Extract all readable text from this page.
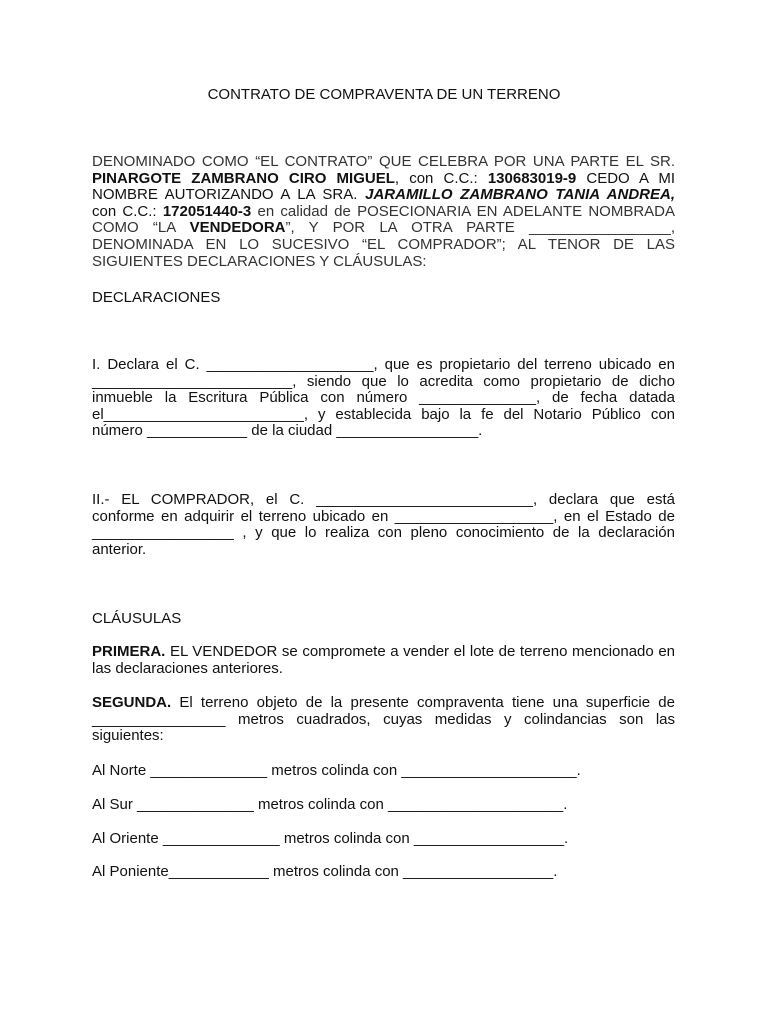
CONTRATO DE COMPRAVENTA DE UN TERRENO

DENOMINADO COMO “EL CONTRATO” QUE CELEBRA POR UNA PARTE EL SR. PINARGOTE ZAMBRANO CIRO MIGUEL, con C.C.: 130683019-9 CEDO A MI NOMBRE AUTORIZANDO A LA SRA. JARAMILLO ZAMBRANO TANIA ANDREA, con C.C.: 172051440-3 en calidad de POSECIONARIA EN ADELANTE NOMBRADA COMO “LA VENDEDORA”, Y POR LA OTRA PARTE _________________, DENOMINADA EN LO SUCESIVO “EL COMPRADOR”; AL TENOR DE LAS SIGUIENTES DECLARACIONES Y CLÁUSULAS:

DECLARACIONES

I. Declara el C. ____________________, que es propietario del terreno ubicado en ________________________, siendo que lo acredita como propietario de dicho inmueble la Escritura Pública con número ______________, de fecha datada el________________________, y establecida bajo la fe del Notario Público con número ____________ de la ciudad _________________.

II.- EL COMPRADOR, el C. __________________________, declara que está conforme en adquirir el terreno ubicado en ___________________, en el Estado de _________________ , y que lo realiza con pleno conocimiento de la declaración anterior.

CLÁUSULAS

PRIMERA. EL VENDEDOR se compromete a vender el lote de terreno mencionado en las declaraciones anteriores.

SEGUNDA. El terreno objeto de la presente compraventa tiene una superficie de ________________ metros cuadrados, cuyas medidas y colindancias son las siguientes:

Al Norte ______________ metros colinda con _____________________.

Al Sur ______________ metros colinda con _____________________.

Al Oriente ______________ metros colinda con __________________.

Al Poniente____________ metros colinda con __________________.
